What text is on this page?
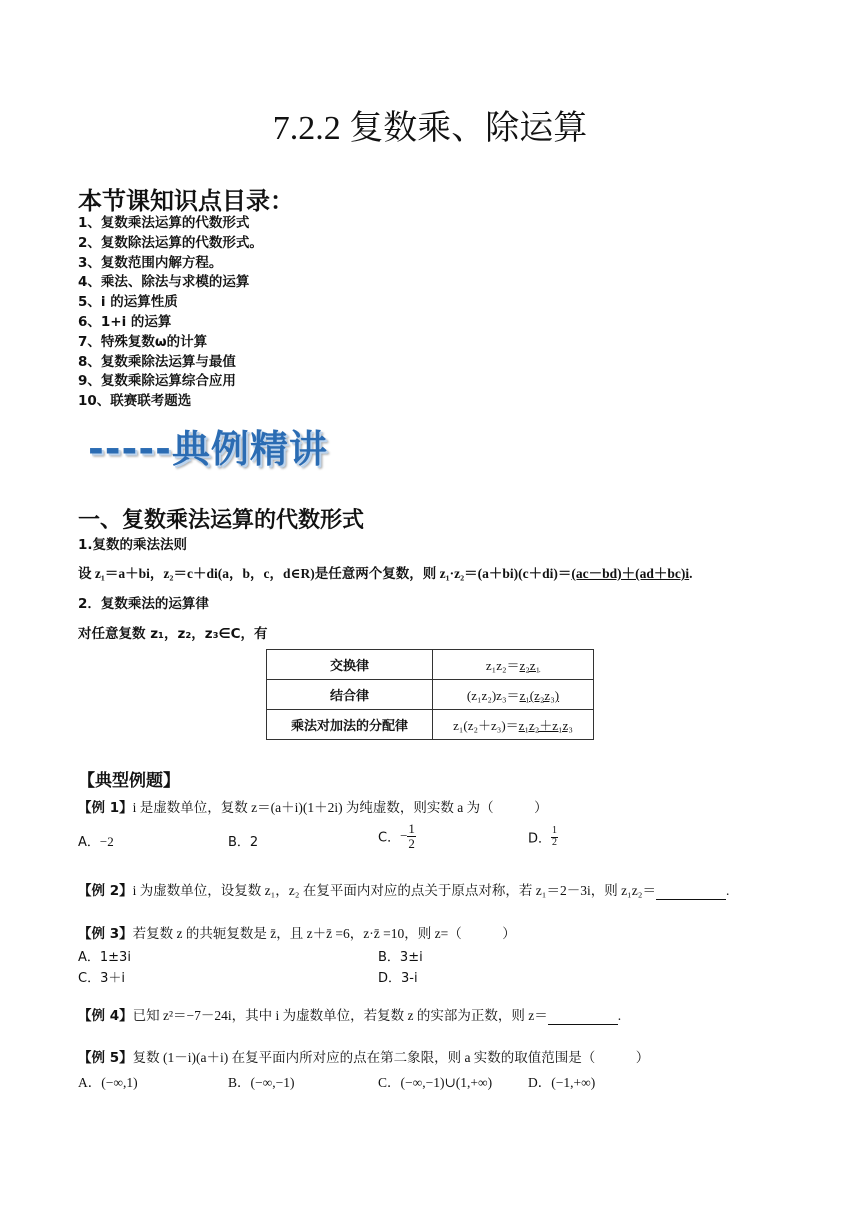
7.2.2 复数乘、除运算
本节课知识点目录：
1、复数乘法运算的代数形式
2、复数除法运算的代数形式。
3、复数范围内解方程。
4、乘法、除法与求模的运算
5、i 的运算性质
6、1+i 的运算
7、特殊复数ω的计算
8、复数乘除法运算与最值
9、复数乘除运算综合应用
10、联赛联考题选
-----典例精讲
一、复数乘法运算的代数形式
1.复数的乘法法则
设 z₁＝a＋bi，z₂＝c＋di(a，b，c，d∈R)是任意两个复数，则 z₁·z₂＝(a＋bi)(c＋di)＝(ac－bd)＋(ad＋bc)i.
2．复数乘法的运算律
对任意复数 z₁，z₂，z₃∈C，有
交换律	z₁z₂＝z₂z₁
结合律	(z₁z₂)z₃＝z₁(z₂z₃)
乘法对加法的分配律	z₁(z₂＋z₃)＝z₁z₂＋z₁z₃
【典型例题】
【例 1】i 是虚数单位，复数 z＝(a＋i)(1＋2i) 为纯虚数，则实数 a 为（　　　）
A．−2	B．2	C．− $\frac{1}{2}$	D． $\frac{1}{2}$
【例 2】i 为虚数单位，设复数 z₁，z₂ 在复平面内对应的点关于原点对称，若 z₁＝2－3i，则 z₁z₂＝	.
【例 3】若复数 z 的共轭复数是 z̄，且 z＋z̄ =6，z·z̄ =10，则 z=（　　　）
A．1±3i	B．3±i
C．3＋i	D．3-i
【例 4】已知 z²＝−7－24i，其中 i 为虚数单位，若复数 z 的实部为正数，则 z＝	.
【例 5】复数 (1－i)(a＋i) 在复平面内所对应的点在第二象限，则 a 实数的取值范围是（　　　）
A．(−∞,1)	B．(−∞,−1)	C．(−∞,−1)∪(1,+∞)	D．(−1,+∞)
